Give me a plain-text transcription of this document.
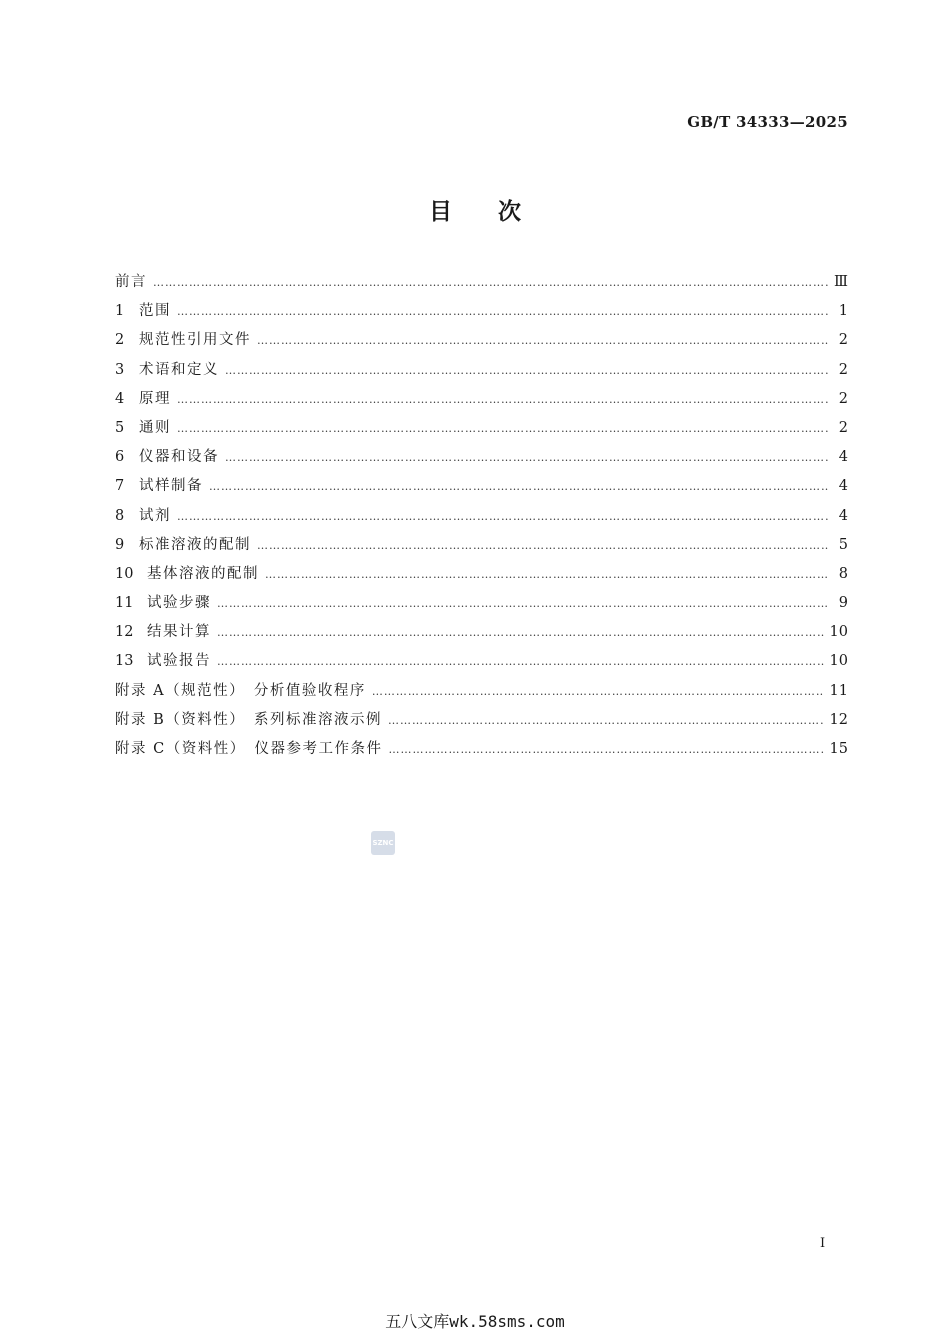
GB/T 34333—2025
目次
前言 ………………………………………………………………………………………………………………………………………………………………………………………………………………	Ⅲ
1	范围 ………………………………………………………………………………………………………………………………………………………………………………………………………………	1
2	规范性引用文件 ………………………………………………………………………………………………………………………………………………………………………………………………………………	2
3	术语和定义 ………………………………………………………………………………………………………………………………………………………………………………………………………………	2
4	原理 ………………………………………………………………………………………………………………………………………………………………………………………………………………	2
5	通则 ………………………………………………………………………………………………………………………………………………………………………………………………………………	2
6	仪器和设备 ………………………………………………………………………………………………………………………………………………………………………………………………………………	4
7	试样制备 ………………………………………………………………………………………………………………………………………………………………………………………………………………	4
8	试剂 ………………………………………………………………………………………………………………………………………………………………………………………………………………	4
9	标准溶液的配制 ………………………………………………………………………………………………………………………………………………………………………………………………………………	5
10 基体溶液的配制 ………………………………………………………………………………………………………………………………………………………………………………………………………………	8
11 试验步骤 ………………………………………………………………………………………………………………………………………………………………………………………………………………	9
12 结果计算 ………………………………………………………………………………………………………………………………………………………………………………………………………………	10
13 试验报告 ………………………………………………………………………………………………………………………………………………………………………………………………………………	10
附录 A（规范性）　分析值验收程序 ………………………………………………………………………………………………………………………………………………………………………………………………………………	11
附录 B（资料性）　系列标准溶液示例 ………………………………………………………………………………………………………………………………………………………………………………………………………………	12
附录 C（资料性）　仪器参考工作条件 ………………………………………………………………………………………………………………………………………………………………………………………………………………	15
SZNC
I
五八文库wk.58sms.com
